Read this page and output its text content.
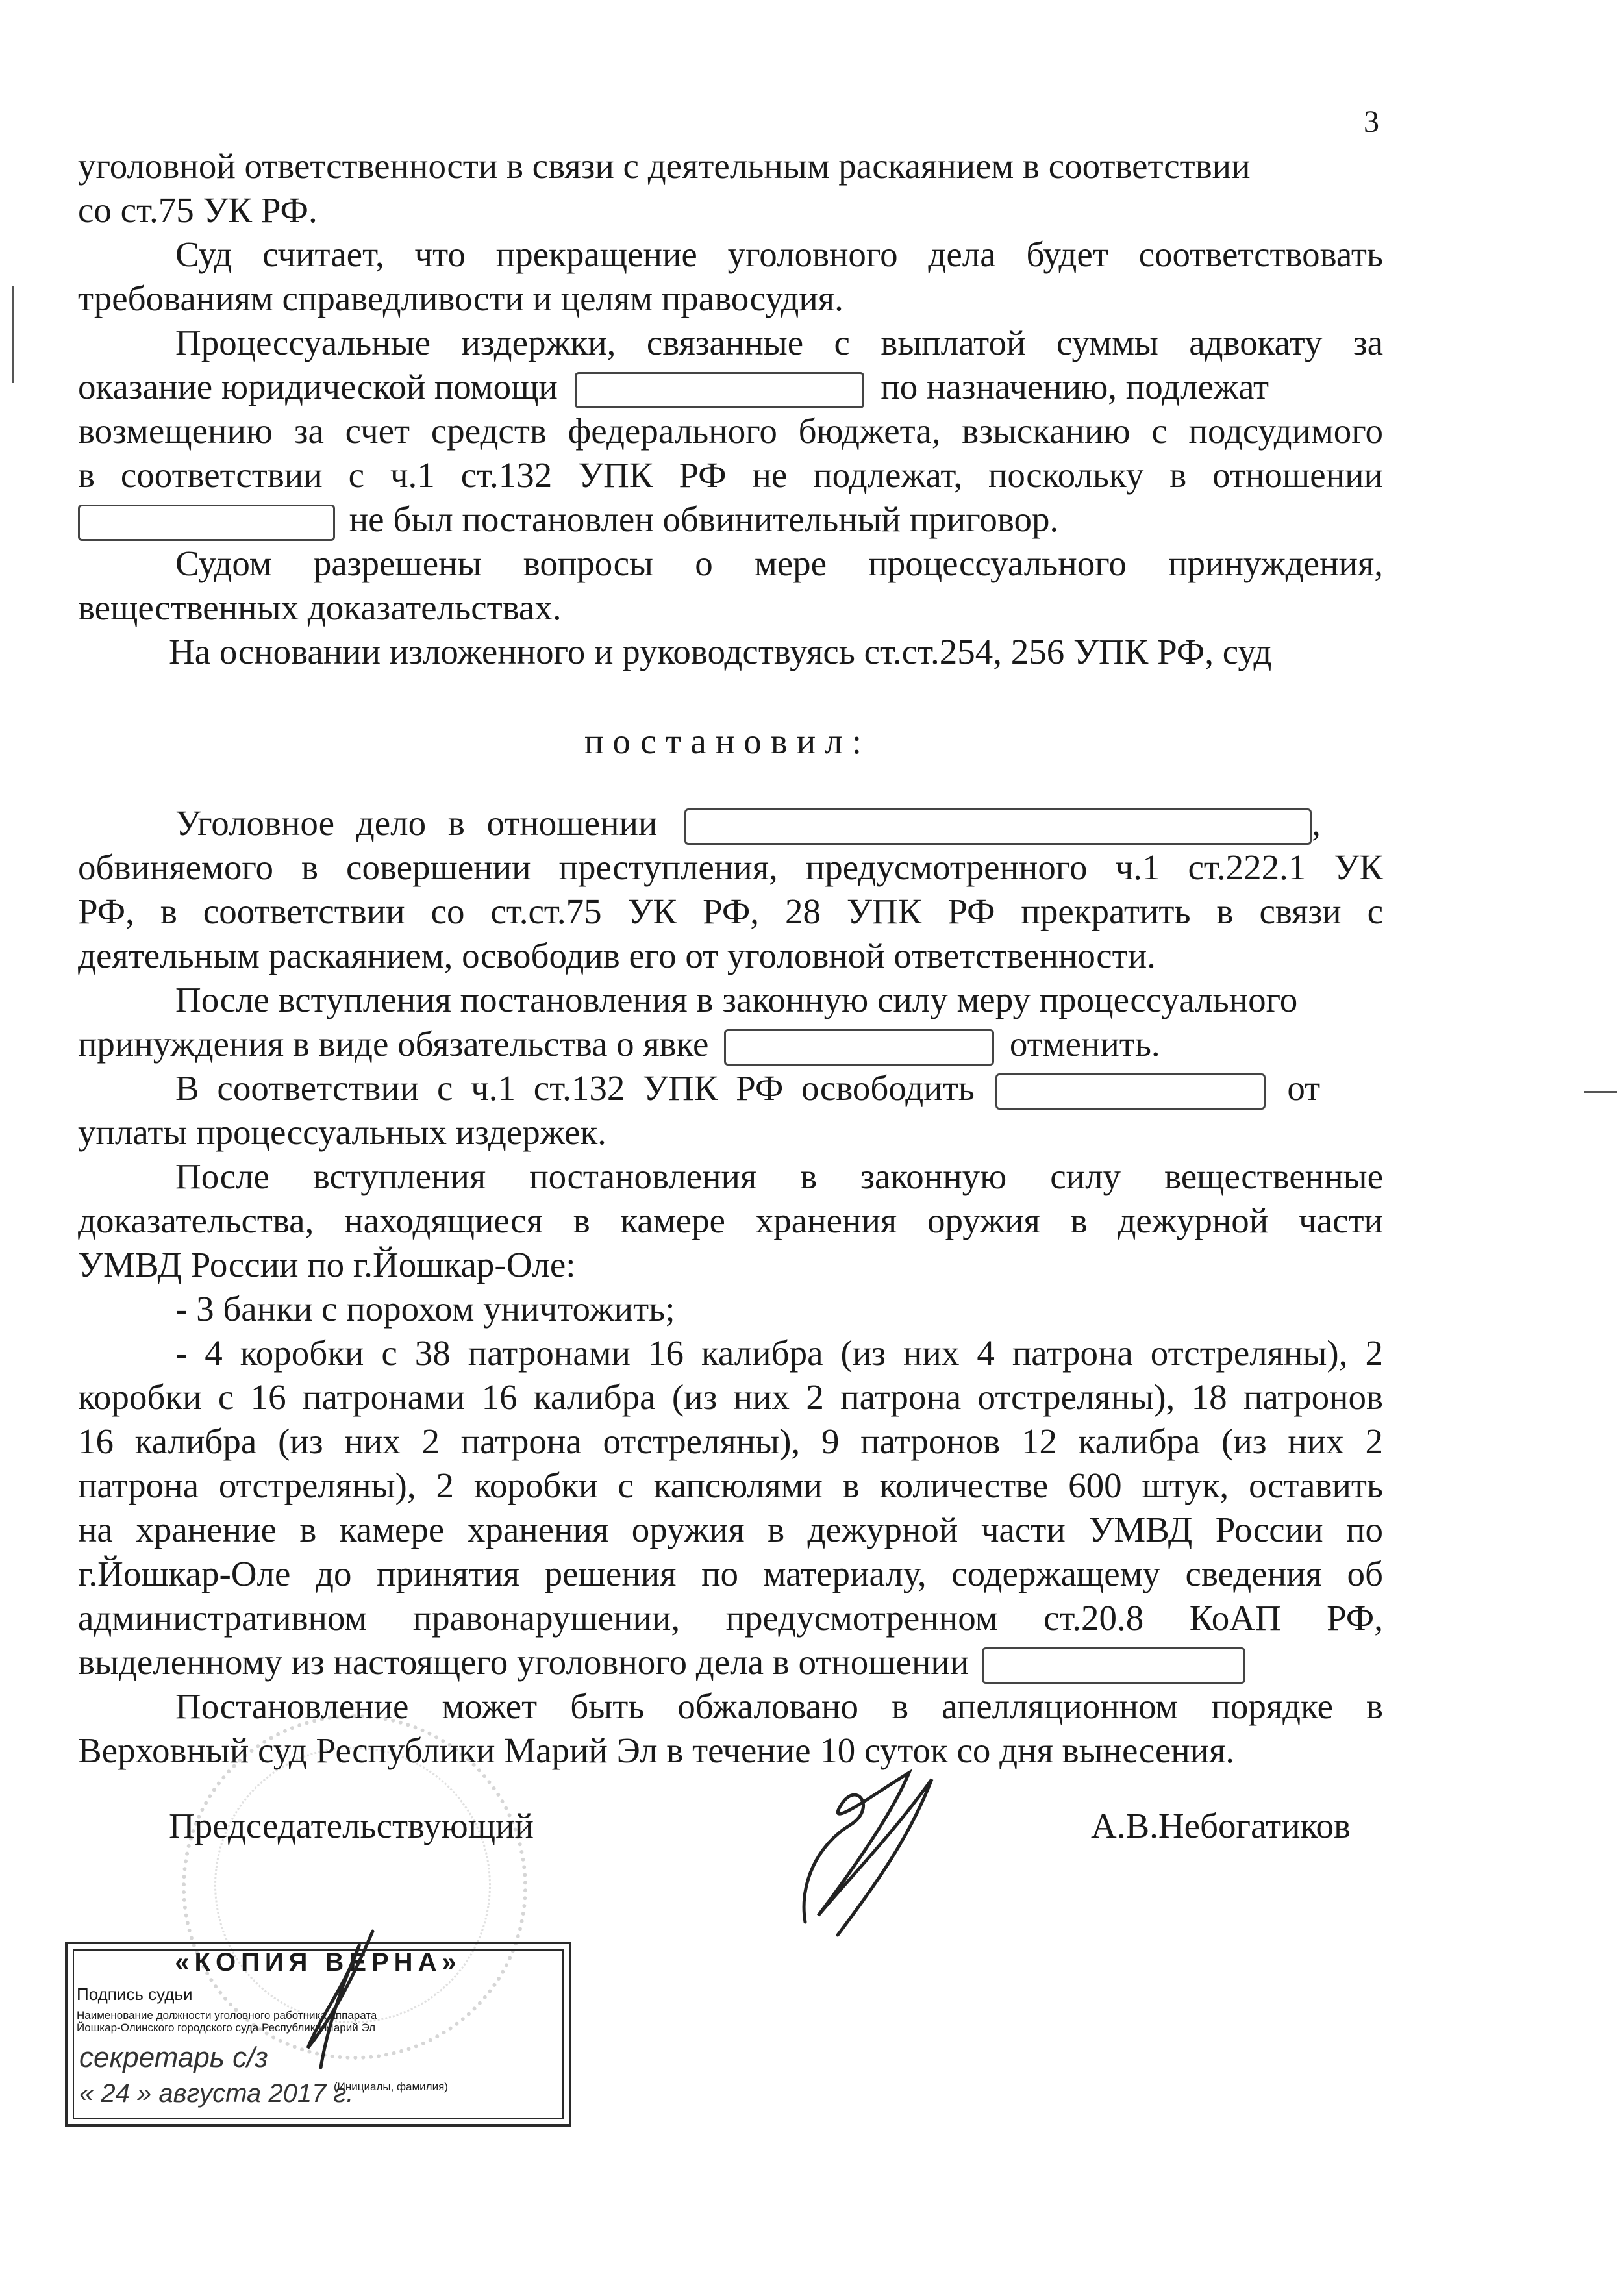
3
уголовной ответственности в связи с деятельным раскаянием в соответствии
со ст.75 УК РФ.
Суд считает, что прекращение уголовного дела будет соответствовать
требованиям справедливости и целям правосудия.
Процессуальные издержки, связанные с выплатой суммы адвокату за
оказание юридической помощи	по назначению, подлежат
возмещению за счет средств федерального бюджета, взысканию с подсудимого
в соответствии с ч.1 ст.132 УПК РФ не подлежат, поскольку в отношении
не был постановлен обвинительный приговор.
Судом разрешены вопросы о мере процессуального принуждения,
вещественных доказательствах.
На основании изложенного и руководствуясь ст.ст.254, 256 УПК РФ, суд
постановил:
Уголовное дело в отношении	,
обвиняемого в совершении преступления, предусмотренного ч.1 ст.222.1 УК
РФ, в соответствии со ст.ст.75 УК РФ, 28 УПК РФ прекратить в связи с
деятельным раскаянием, освободив его от уголовной ответственности.
После вступления постановления в законную силу меру процессуального
принуждения в виде обязательства о явке	отменить.
В соответствии с ч.1 ст.132 УПК РФ освободить	от
уплаты процессуальных издержек.
После вступления постановления в законную силу вещественные
доказательства, находящиеся в камере хранения оружия в дежурной части
УМВД России по г.Йошкар-Оле:
- 3 банки с порохом уничтожить;
- 4 коробки с 38 патронами 16 калибра (из них 4 патрона отстреляны), 2
коробки с 16 патронами 16 калибра (из них 2 патрона отстреляны), 18 патронов
16 калибра (из них 2 патрона отстреляны), 9 патронов 12 калибра (из них 2
патрона отстреляны), 2 коробки с капсюлями в количестве 600 штук, оставить
на хранение в камере хранения оружия в дежурной части УМВД России по
г.Йошкар-Оле до принятия решения по материалу, содержащему сведения об
административном правонарушении, предусмотренном ст.20.8 КоАП РФ,
выделенному из настоящего уголовного дела в отношении
Постановление может быть обжаловано в апелляционном порядке в
Верховный суд Республики Марий Эл в течение 10 суток со дня вынесения.
Председательствующий	А.В.Небогатиков
«КОПИЯ ВЕРНА»
Подпись судьи
Наименование должности уголовного работника аппарата
Йошкар-Олинского городского суда Республики Марий Эл
секретарь с/з
(Инициалы, фамилия)
« 24 » августа 2017 г.
